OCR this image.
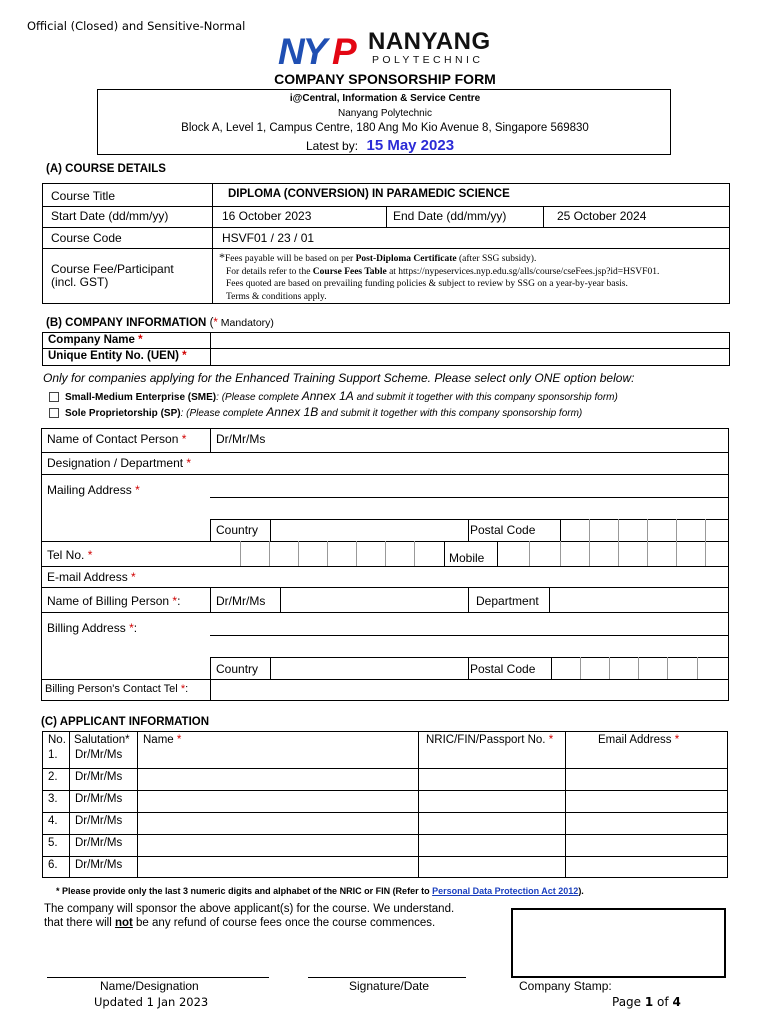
Official (Closed) and Sensitive-Normal
NY P NANYANG
POLYTECHNIC
COMPANY SPONSORSHIP FORM
i@Central, Information & Service Centre
Nanyang Polytechnic
Block A, Level 1, Campus Centre, 180 Ang Mo Kio Avenue 8, Singapore 569830
Latest by: 15 May 2023
(A) COURSE DETAILS
Course Title	DIPLOMA (CONVERSION) IN PARAMEDIC SCIENCE
Start Date (dd/mm/yy)	16 October 2023	End Date (dd/mm/yy)	25 October 2024
Course Code	HSVF01 / 23 / 01
Course Fee/Participant
(incl. GST)
*Fees payable will be based on per Post-Diploma Certificate (after SSG subsidy).
For details refer to the Course Fees Table at https://nypeservices.nyp.edu.sg/alls/course/cseFees.jsp?id=HSVF01.
Fees quoted are based on prevailing funding policies & subject to review by SSG on a year-by-year basis.
Terms & conditions apply.
(B) COMPANY INFORMATION (* Mandatory)
Company Name *
Unique Entity No. (UEN) *
Only for companies applying for the Enhanced Training Support Scheme. Please select only ONE option below:
Small-Medium Enterprise (SME): (Please complete Annex 1A and submit it together with this company sponsorship form)
Sole Proprietorship (SP): (Please complete Annex 1B and submit it together with this company sponsorship form)
Name of Contact Person * Dr/Mr/Ms
Designation / Department *
Mailing Address *
Country	Postal Code
Tel No. *	Mobile
E-mail Address *
Name of Billing Person *:	Dr/Mr/Ms	Department
Billing Address *:
Country	Postal Code
Billing Person's Contact Tel *:
(C) APPLICANT INFORMATION
No. Salutation* Name *	NRIC/FIN/Passport No. *	Email Address *
1. Dr/Mr/Ms
2. Dr/Mr/Ms
3. Dr/Mr/Ms
4. Dr/Mr/Ms
5. Dr/Mr/Ms
6. Dr/Mr/Ms
* Please provide only the last 3 numeric digits and alphabet of the NRIC or FIN (Refer to Personal Data Protection Act 2012).
The company will sponsor the above applicant(s) for the course. We understand.
that there will not be any refund of course fees once the course commences.
Name/Designation	Signature/Date	Company Stamp:
Updated 1 Jan 2023	Page 1 of 4
